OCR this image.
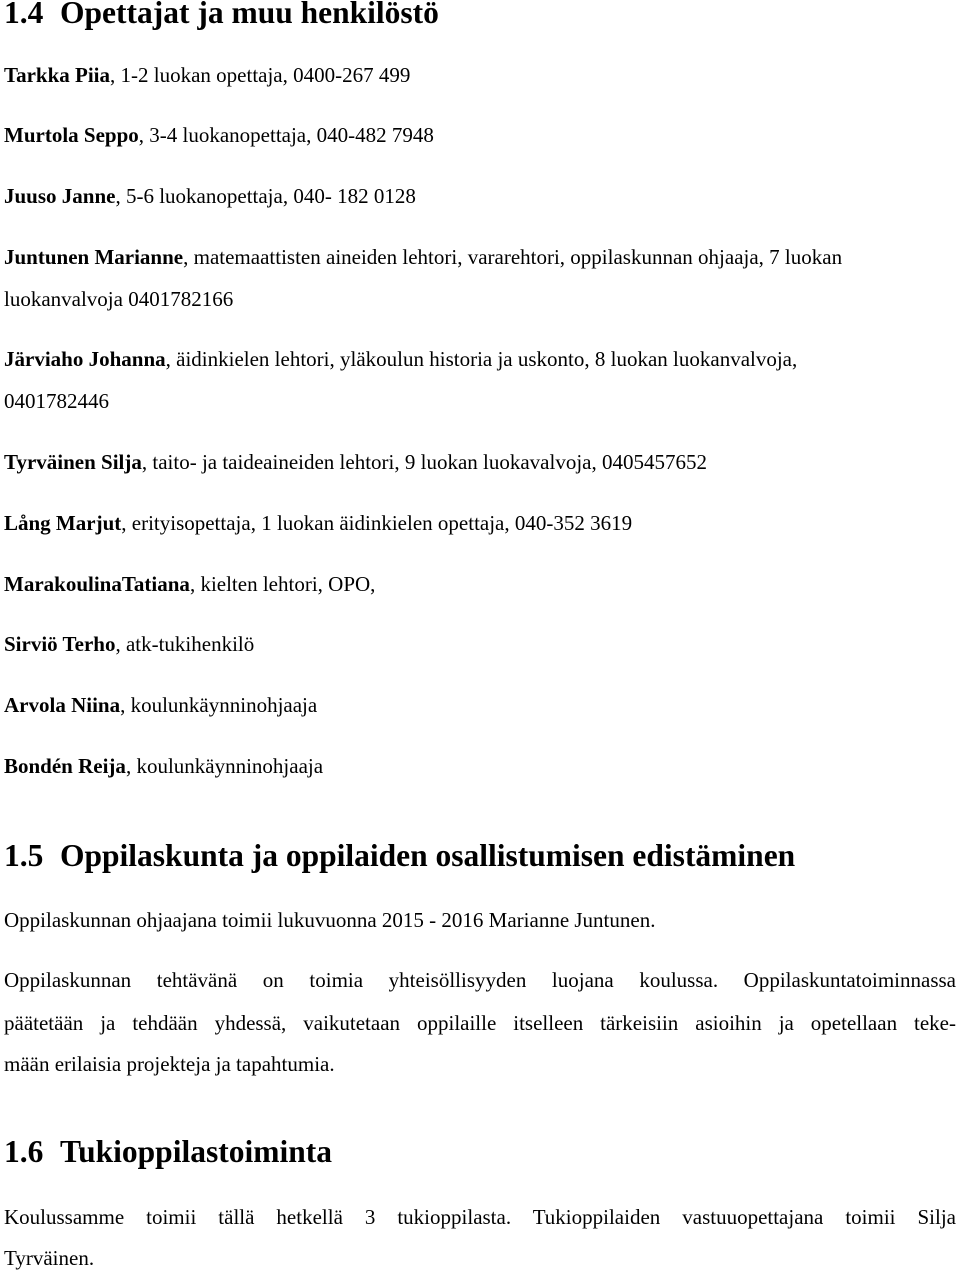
1.4 Opettajat ja muu henkilöstö

Tarkka Piia, 1-2 luokan opettaja, 0400-267 499

Murtola Seppo, 3-4 luokanopettaja, 040-482 7948

Juuso Janne, 5-6 luokanopettaja, 040- 182 0128

Juntunen Marianne, matemaattisten aineiden lehtori, vararehtori, oppilaskunnan ohjaaja, 7 luokan

luokanvalvoja 0401782166

Järviaho Johanna, äidinkielen lehtori, yläkoulun historia ja uskonto, 8 luokan luokanvalvoja,

0401782446

Tyrväinen Silja, taito- ja taideaineiden lehtori, 9 luokan luokavalvoja, 0405457652

Lång Marjut, erityisopettaja, 1 luokan äidinkielen opettaja, 040-352 3619

MarakoulinaTatiana, kielten lehtori, OPO,

Sirviö Terho, atk-tukihenkilö

Arvola Niina, koulunkäynninohjaaja

Bondén Reija, koulunkäynninohjaaja

1.5 Oppilaskunta ja oppilaiden osallistumisen edistäminen

Oppilaskunnan ohjaajana toimii lukuvuonna 2015 - 2016 Marianne Juntunen.

Oppilaskunnan tehtävänä on toimia yhteisöllisyyden luojana koulussa. Oppilaskuntatoiminnassa

päätetään ja tehdään yhdessä, vaikutetaan oppilaille itselleen tärkeisiin asioihin ja opetellaan teke-

mään erilaisia projekteja ja tapahtumia.

1.6 Tukioppilastoiminta

Koulussamme toimii tällä hetkellä 3 tukioppilasta. Tukioppilaiden vastuuopettajana toimii Silja

Tyrväinen.
